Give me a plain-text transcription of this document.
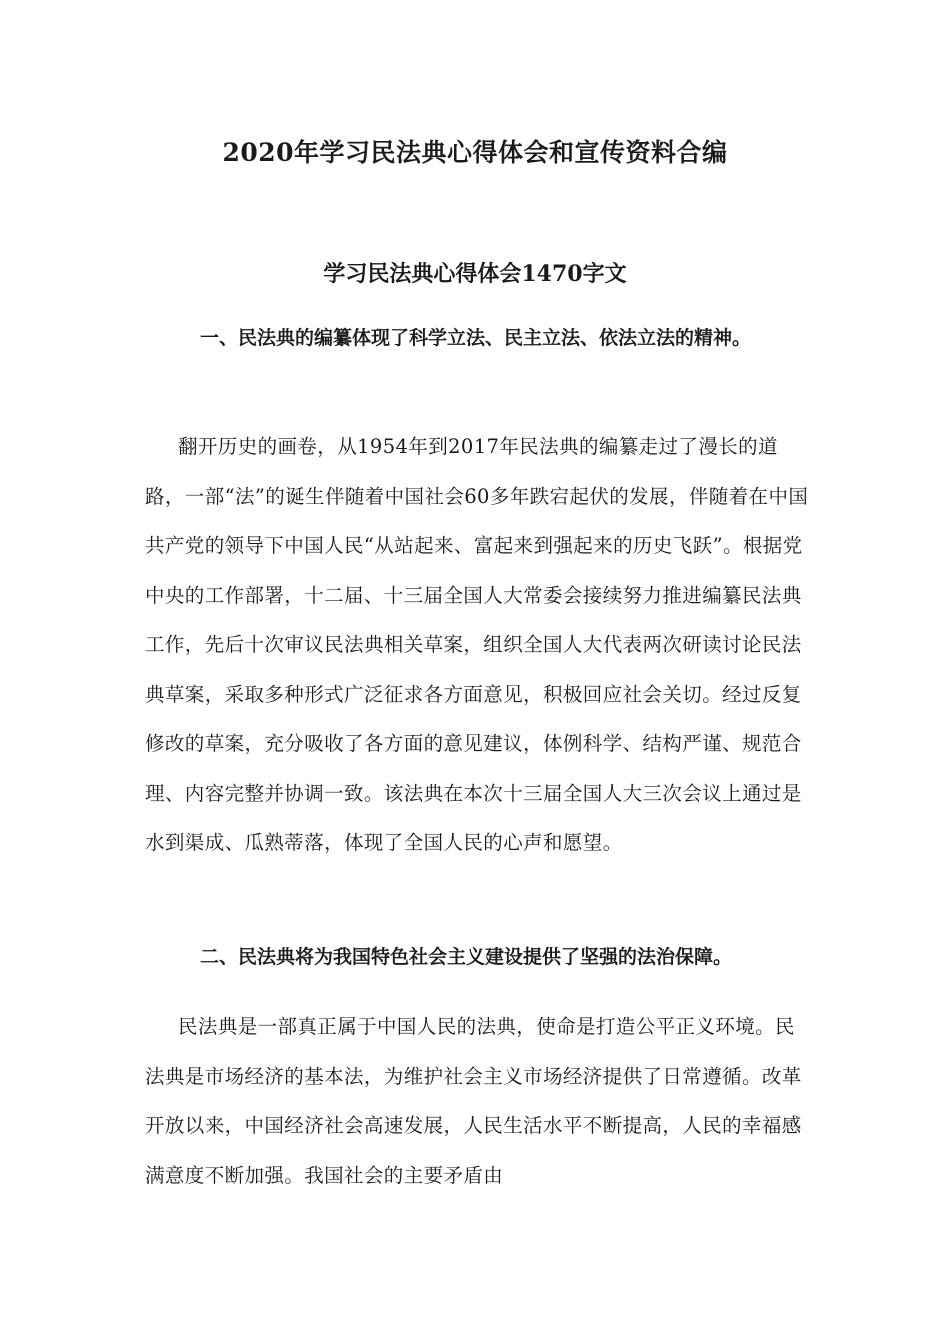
2020年学习民法典心得体会和宣传资料合编
学习民法典心得体会1470字文
一、民法典的编纂体现了科学立法、民主立法、依法立法的精神。
翻开历史的画卷，从1954年到2017年民法典的编纂走过了漫长的道路，一部“法”的诞生伴随着中国社会60多年跌宕起伏的发展，伴随着在中国共产党的领导下中国人民“从站起来、富起来到强起来的历史飞跃”。根据党中央的工作部署，十二届、十三届全国人大常委会接续努力推进编纂民法典工作，先后十次审议民法典相关草案，组织全国人大代表两次研读讨论民法典草案，采取多种形式广泛征求各方面意见，积极回应社会关切。经过反复修改的草案，充分吸收了各方面的意见建议，体例科学、结构严谨、规范合理、内容完整并协调一致。该法典在本次十三届全国人大三次会议上通过是水到渠成、瓜熟蒂落，体现了全国人民的心声和愿望。
二、民法典将为我国特色社会主义建设提供了坚强的法治保障。
民法典是一部真正属于中国人民的法典，使命是打造公平正义环境。民法典是市场经济的基本法，为维护社会主义市场经济提供了日常遵循。改革开放以来，中国经济社会高速发展，人民生活水平不断提高，人民的幸福感满意度不断加强。我国社会的主要矛盾由
